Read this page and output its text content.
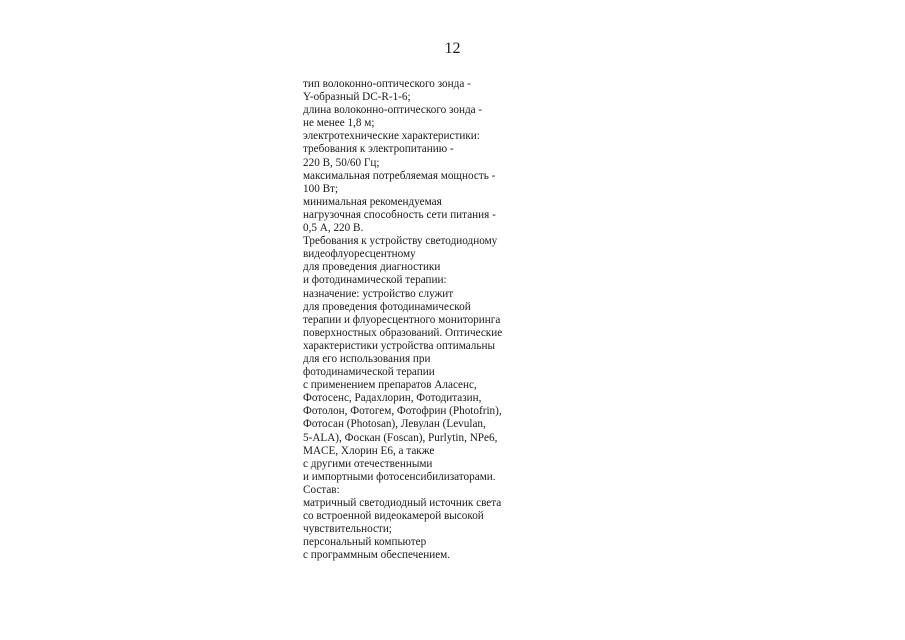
12
тип волоконно-оптического зонда -
Y-образный DC-R-1-6;
длина волоконно-оптического зонда -
не менее 1,8 м;
электротехнические характеристики:
требования к электропитанию -
220 В, 50/60 Гц;
максимальная потребляемая мощность -
100 Вт;
минимальная рекомендуемая
нагрузочная способность сети питания -
0,5 А, 220 В.
Требования к устройству светодиодному
видеофлуоресцентному
для проведения диагностики
и фотодинамической терапии:
назначение: устройство служит
для проведения фотодинамической
терапии и флуоресцентного мониторинга
поверхностных образований. Оптические
характеристики устройства оптимальны
для его использования при
фотодинамической терапии
с применением препаратов Аласенс,
Фотосенс, Радахлорин, Фотодитазин,
Фотолон, Фотогем, Фотофрин (Photofrin),
Фотосан (Photosan), Левулан (Levulan,
5-ALA), Фоскан (Foscan), Purlytin, NPe6,
MACE, Хлорин Е6, а также
с другими отечественными
и импортными фотосенсибилизаторами.
Состав:
матричный светодиодный источник света
со встроенной видеокамерой высокой
чувствительности;
персональный компьютер
с программным обеспечением.
